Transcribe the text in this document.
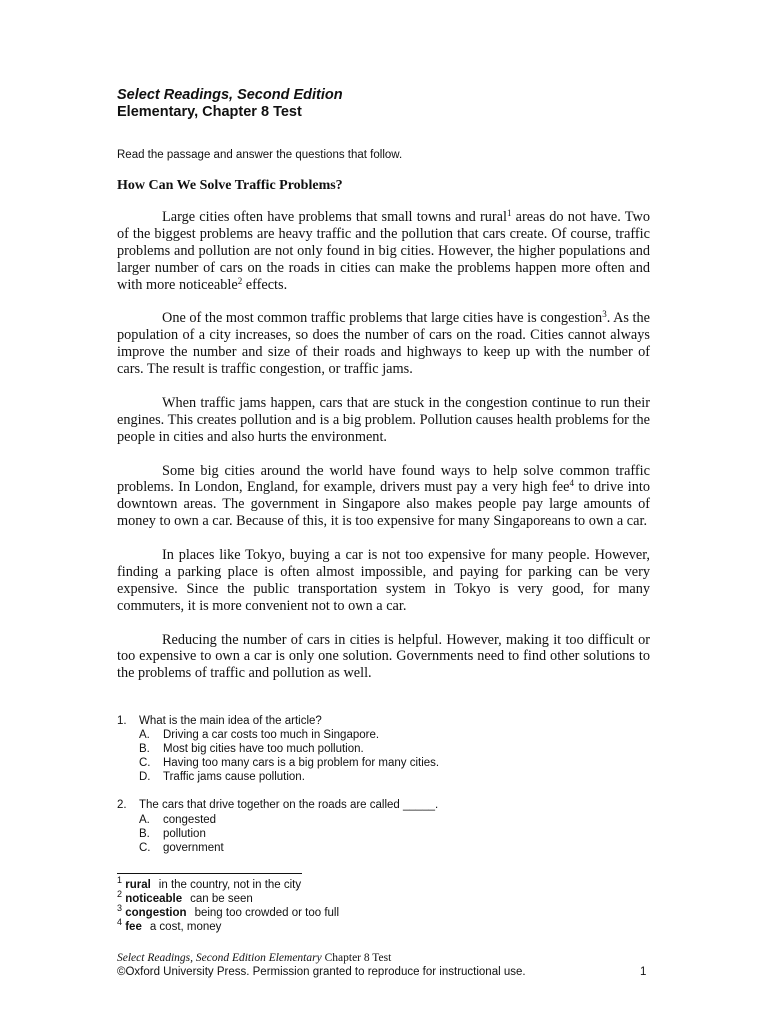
Select Readings, Second Edition
Elementary, Chapter 8 Test
Read the passage and answer the questions that follow.
How Can We Solve Traffic Problems?

Large cities often have problems that small towns and rural$^1$ areas do not have. Two of the biggest problems are heavy traffic and the pollution that cars create. Of course, traffic problems and pollution are not only found in big cities. However, the higher populations and larger number of cars on the roads in cities can make the problems happen more often and with more noticeable$^2$ effects.

One of the most common traffic problems that large cities have is congestion$^3$. As the population of a city increases, so does the number of cars on the road. Cities cannot always improve the number and size of their roads and highways to keep up with the number of cars. The result is traffic congestion, or traffic jams.

When traffic jams happen, cars that are stuck in the congestion continue to run their engines. This creates pollution and is a big problem. Pollution causes health problems for the people in cities and also hurts the environment.

Some big cities around the world have found ways to help solve common traffic problems. In London, England, for example, drivers must pay a very high fee$^4$ to drive into downtown areas. The government in Singapore also makes people pay large amounts of money to own a car. Because of this, it is too expensive for many Singaporeans to own a car.

In places like Tokyo, buying a car is not too expensive for many people. However, finding a parking place is often almost impossible, and paying for parking can be very expensive. Since the public transportation system in Tokyo is very good, for many commuters, it is more convenient not to own a car.

Reducing the number of cars in cities is helpful. However, making it too difficult or too expensive to own a car is only one solution. Governments need to find other solutions to the problems of traffic and pollution as well.

1.	What is the main idea of the article?
A.	Driving a car costs too much in Singapore.
B.	Most big cities have too much pollution.
C.	Having too many cars is a big problem for many cities.
D.	Traffic jams cause pollution.
2.	The cars that drive together on the roads are called _____.
A.	congested
B.	pollution
C.	government
$^1$ rural in the country, not in the city
$^2$ noticeable can be seen
$^3$ congestion being too crowded or too full
$^4$ fee a cost, money
Select Readings, Second Edition Elementary Chapter 8 Test
©Oxford University Press. Permission granted to reproduce for instructional use.	1
